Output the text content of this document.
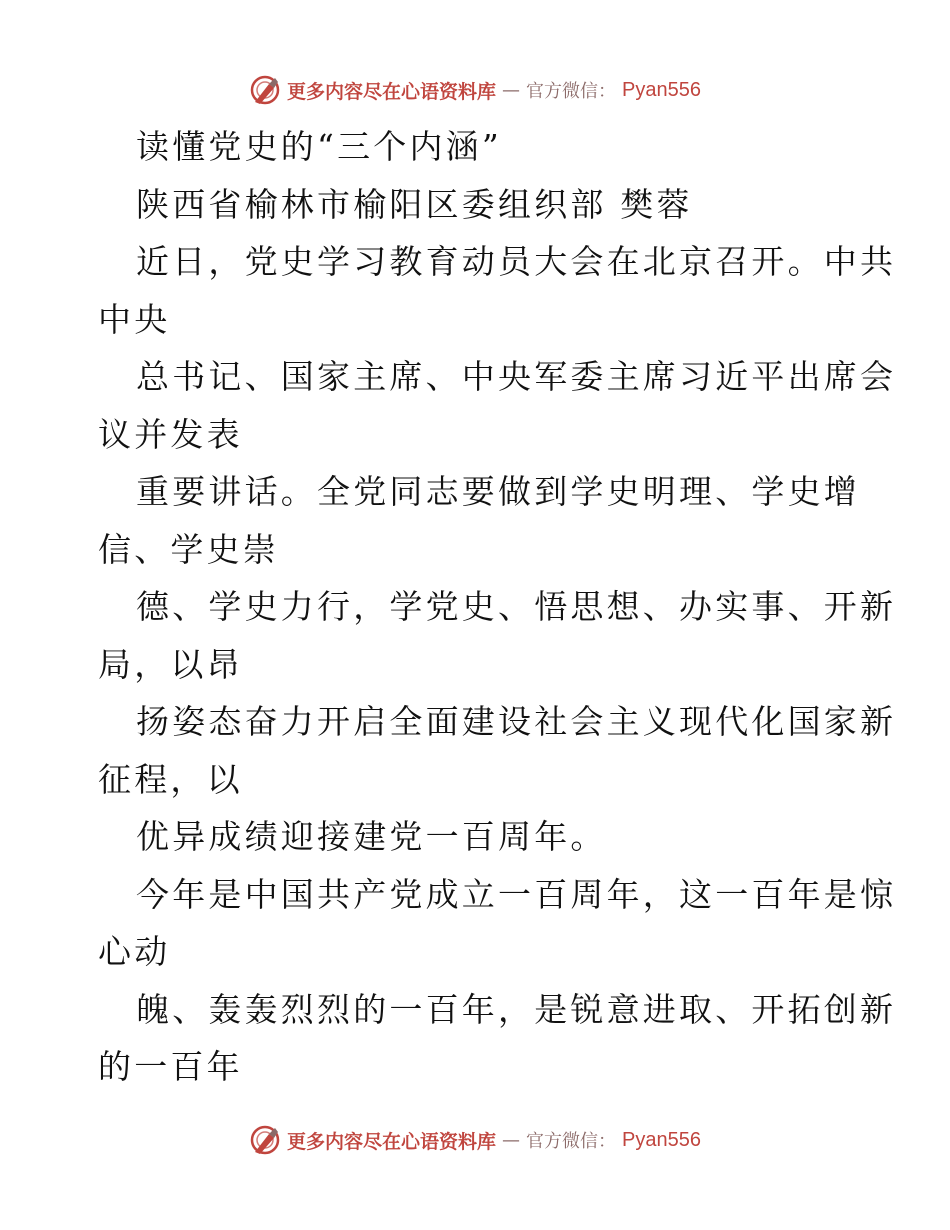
更多内容尽在心语资料库 — 官方微信： Pyan556
读懂党史的“三个内涵”
陕西省榆林市榆阳区委组织部 樊蓉
近日，党史学习教育动员大会在北京召开。中共
中央
总书记、国家主席、中央军委主席习近平出席会
议并发表
重要讲话。全党同志要做到学史明理、学史增
信、学史崇
德、学史力行，学党史、悟思想、办实事、开新
局，以昂
扬姿态奋力开启全面建设社会主义现代化国家新
征程，以
优异成绩迎接建党一百周年。
今年是中国共产党成立一百周年，这一百年是惊
心动
魄、轰轰烈烈的一百年，是锐意进取、开拓创新
的一百年
更多内容尽在心语资料库 — 官方微信： Pyan556
